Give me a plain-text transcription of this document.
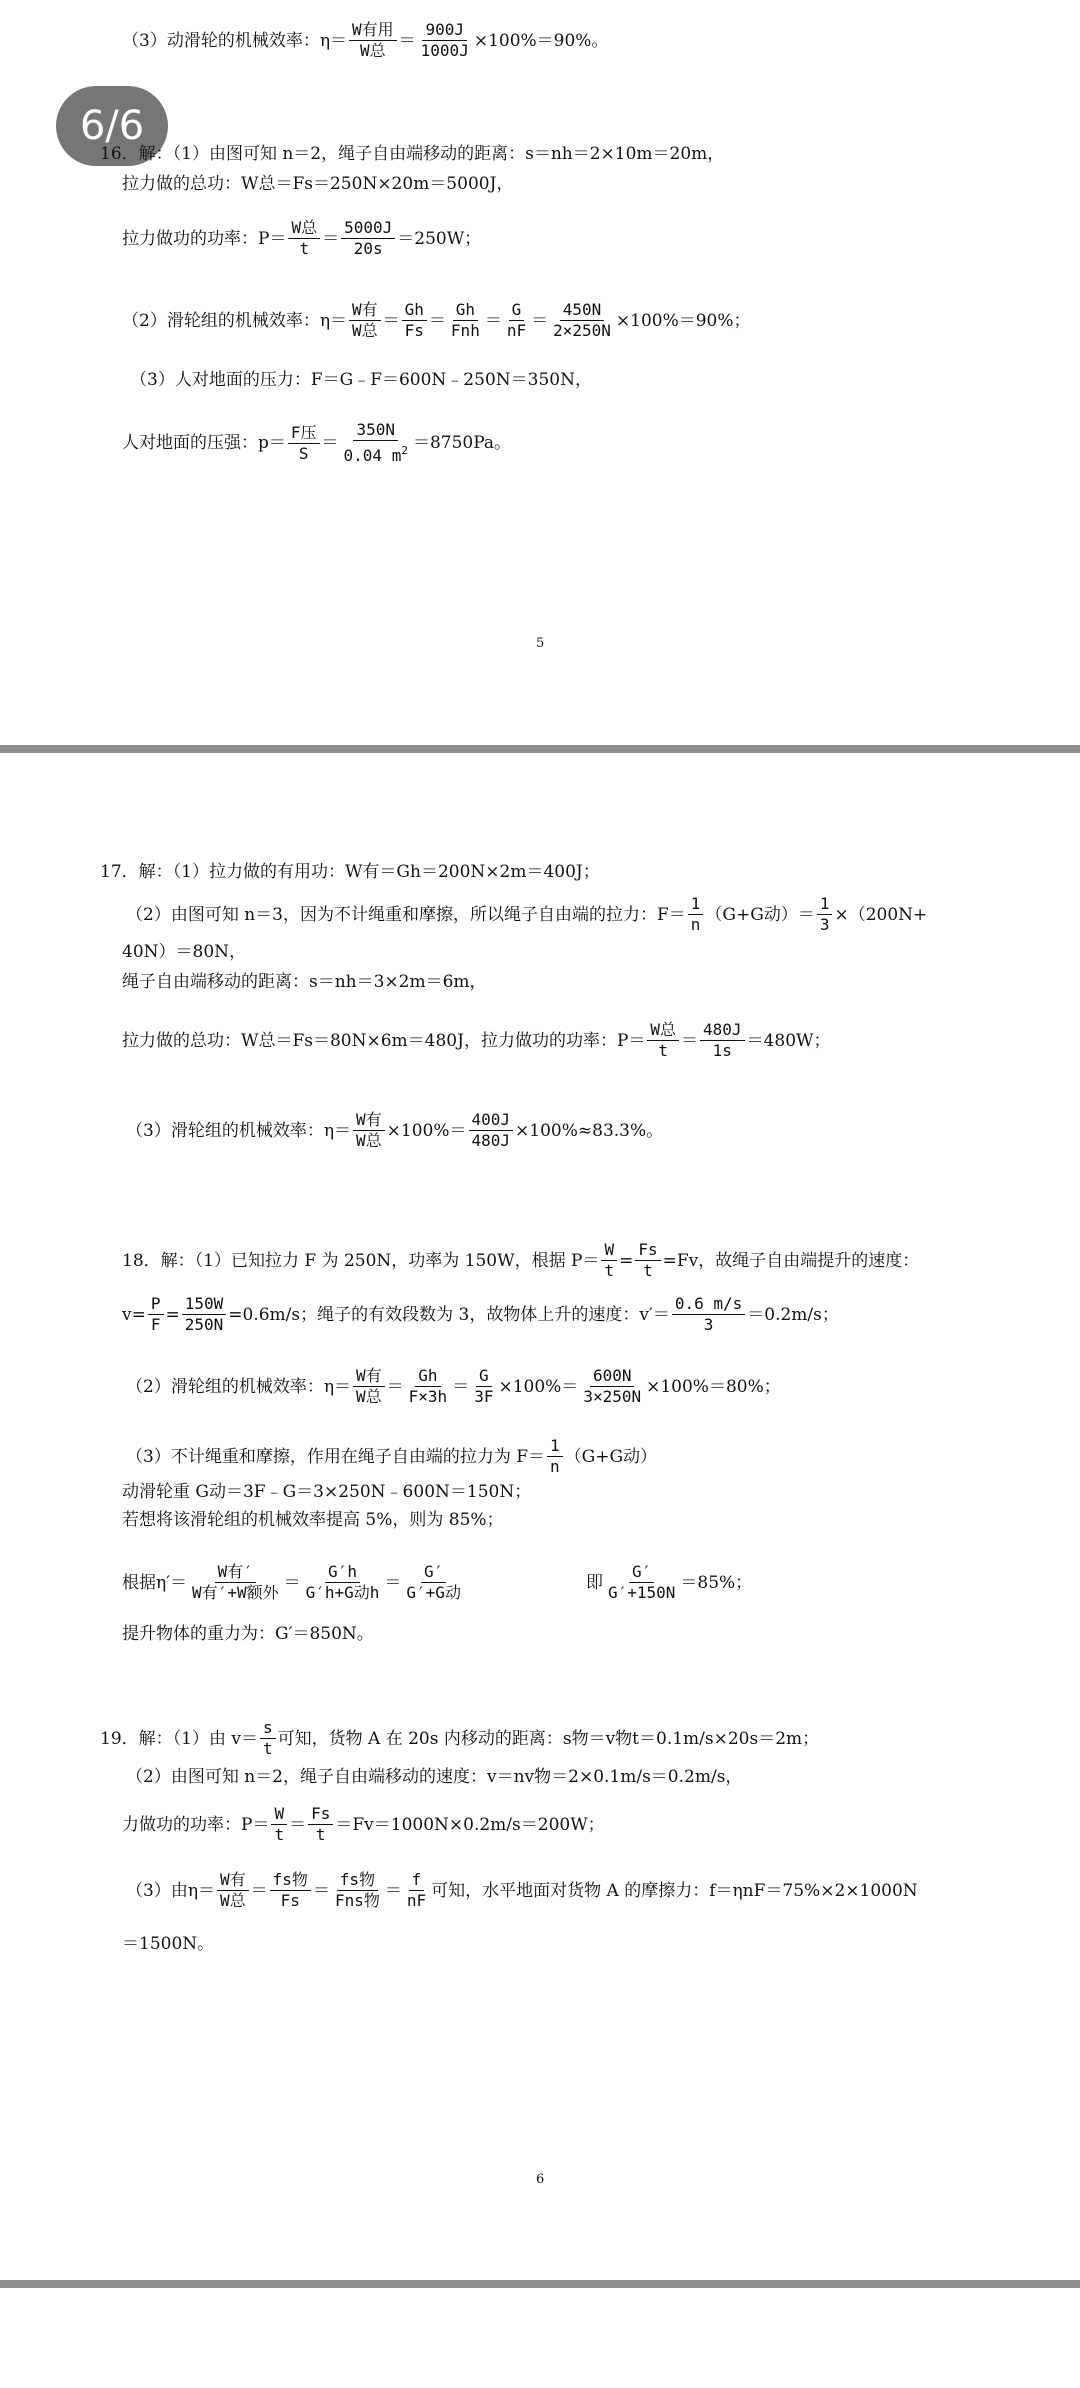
6/6
（3）动滑轮的机械效率：$\eta= \frac{\text{W有用}}{\text{W总}} = \frac{900J}{1000J} \times 100\%=90\%$。
16．解：（1）由图可知 n＝2，绳子自由端移动的距离：s＝nh＝2×10m＝20m，
拉力做的总功：W总＝Fs＝250N×20m＝5000J，
拉力做功的功率：$P= \frac{\text{W总}}{t} = \frac{5000J}{20s} =250W$；
（2）滑轮组的机械效率：$\eta= \frac{\text{W有}}{\text{W总}} = \frac{Gh}{Fs} = \frac{Gh}{\text{Fnh}} = \frac{G}{nF} = \frac{450N}{2\times 250N} \times 100\%=90\%$；
（3）人对地面的压力：F＝G﹣F＝600N﹣250N＝350N，
人对地面的压强：$p= \frac{\text{F压}}{S} = \frac{350N}{0.04 m^2} =8750Pa$。
5
17．解：（1）拉力做的有用功：W有＝Gh＝200N×2m＝400J；
（2）由图可知 n＝3，因为不计绳重和摩擦，所以绳子自由端的拉力：$F= \frac{1}{n} (G+G$动）＝ $\frac{1}{3} \times(200N+$
40N）＝80N，
绳子自由端移动的距离：s＝nh＝3×2m＝6m，
拉力做的总功：W总＝Fs＝80N×6m＝480J，拉力做功的功率：$P= \frac{\text{W总}}{t} = \frac{480J}{1s} =480W$；
（3）滑轮组的机械效率：$\eta= \frac{\text{W有}}{\text{W总}} \times 100\%= \frac{400J}{480J} \times 100\%\approx 83.3\%$。
18．解：（1）已知拉力 F 为 250N，功率为 150W，根据 $P= \frac{W}{t} = \frac{Fs}{t} =Fv$，故绳子自由端提升的速度：
$v= \frac{P}{F} = \frac{150W}{250N} =0.6m/s$；绳子的有效段数为 3，故物体上升的速度：$v'= \frac{0.6 m/s}{3} =0.2m/s$；
（2）滑轮组的机械效率：$\eta= \frac{\text{W有}}{\text{W总}} = \frac{Gh}{F\times 3h} = \frac{G}{3F} \times 100\%= \frac{600N}{3\times 250N} \times 100\%=80\%$；
（3）不计绳重和摩擦，作用在绳子自由端的拉力为 $F= \frac{1}{n} (G+G$动）
动滑轮重 G动＝3F﹣G＝3×250N﹣600N＝150N；
若想将该滑轮组的机械效率提高 5%，则为 85%；
根据$\eta'= \frac{\text{W有′}}{\text{W有′+W额外}} = \frac{G'h}{\text{G′h+G动h}} = \frac{G'}{\text{G′+G动}}$	即 $\frac{G'}{G'+150N} =85\%$；
提升物体的重力为：G′＝850N。
19．解：（1）由 $v= \frac{s}{t}$ 可知，货物 A 在 20s 内移动的距离：s物＝v物t＝0.1m/s×20s＝2m；
（2）由图可知 n＝2，绳子自由端移动的速度：v＝nv物＝2×0.1m/s＝0.2m/s，
力做功的功率：$P= \frac{W}{t} = \frac{Fs}{t} =Fv=1000N\times 0.2m/s=200W$；
（3）由$\eta= \frac{\text{W有}}{\text{W总}} = \frac{\text{fs物}}{Fs} = \frac{\text{fs物}}{\text{Fns物}} = \frac{f}{nF}$ 可知，水平地面对货物 A 的摩擦力：f＝ηnF＝75%×2×1000N
＝1500N。
6
